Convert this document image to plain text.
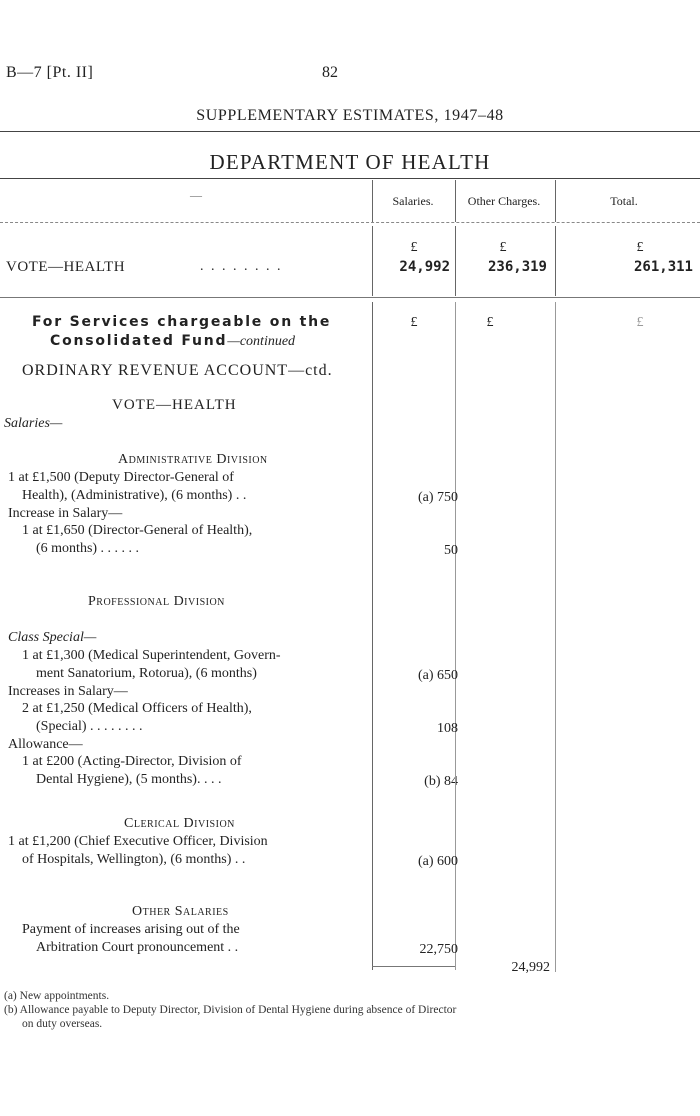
B—7 [Pt. II]	82
SUPPLEMENTARY ESTIMATES, 1947–48
DEPARTMENT OF HEALTH
—	Salaries.	Other Charges.	Total.
£	£	£
VOTE—HEALTH	. . . . . . . .	24,992	236,319	261,311
For Services chargeable on the
Consolidated Fund—continued
£	£	£
ORDINARY REVENUE ACCOUNT—ctd.
VOTE—HEALTH
Salaries—
Administrative Division
1 at £1,500 (Deputy Director-General of
Health), (Administrative), (6 months) . .	(a) 750
Increase in Salary—
1 at £1,650 (Director-General of Health),
(6 months) . . . . . .	50
Professional Division
Class Special—
1 at £1,300 (Medical Superintendent, Govern-
ment Sanatorium, Rotorua), (6 months)	(a) 650
Increases in Salary—
2 at £1,250 (Medical Officers of Health),
(Special) . . . . . . . .	108
Allowance—
1 at £200 (Acting-Director, Division of
Dental Hygiene), (5 months). . . .	(b) 84
Clerical Division
1 at £1,200 (Chief Executive Officer, Division
of Hospitals, Wellington), (6 months) . .	(a) 600
Other Salaries
Payment of increases arising out of the
Arbitration Court pronouncement . .	22,750
24,992
(a) New appointments.
(b) Allowance payable to Deputy Director, Division of Dental Hygiene during absence of Director
on duty overseas.
